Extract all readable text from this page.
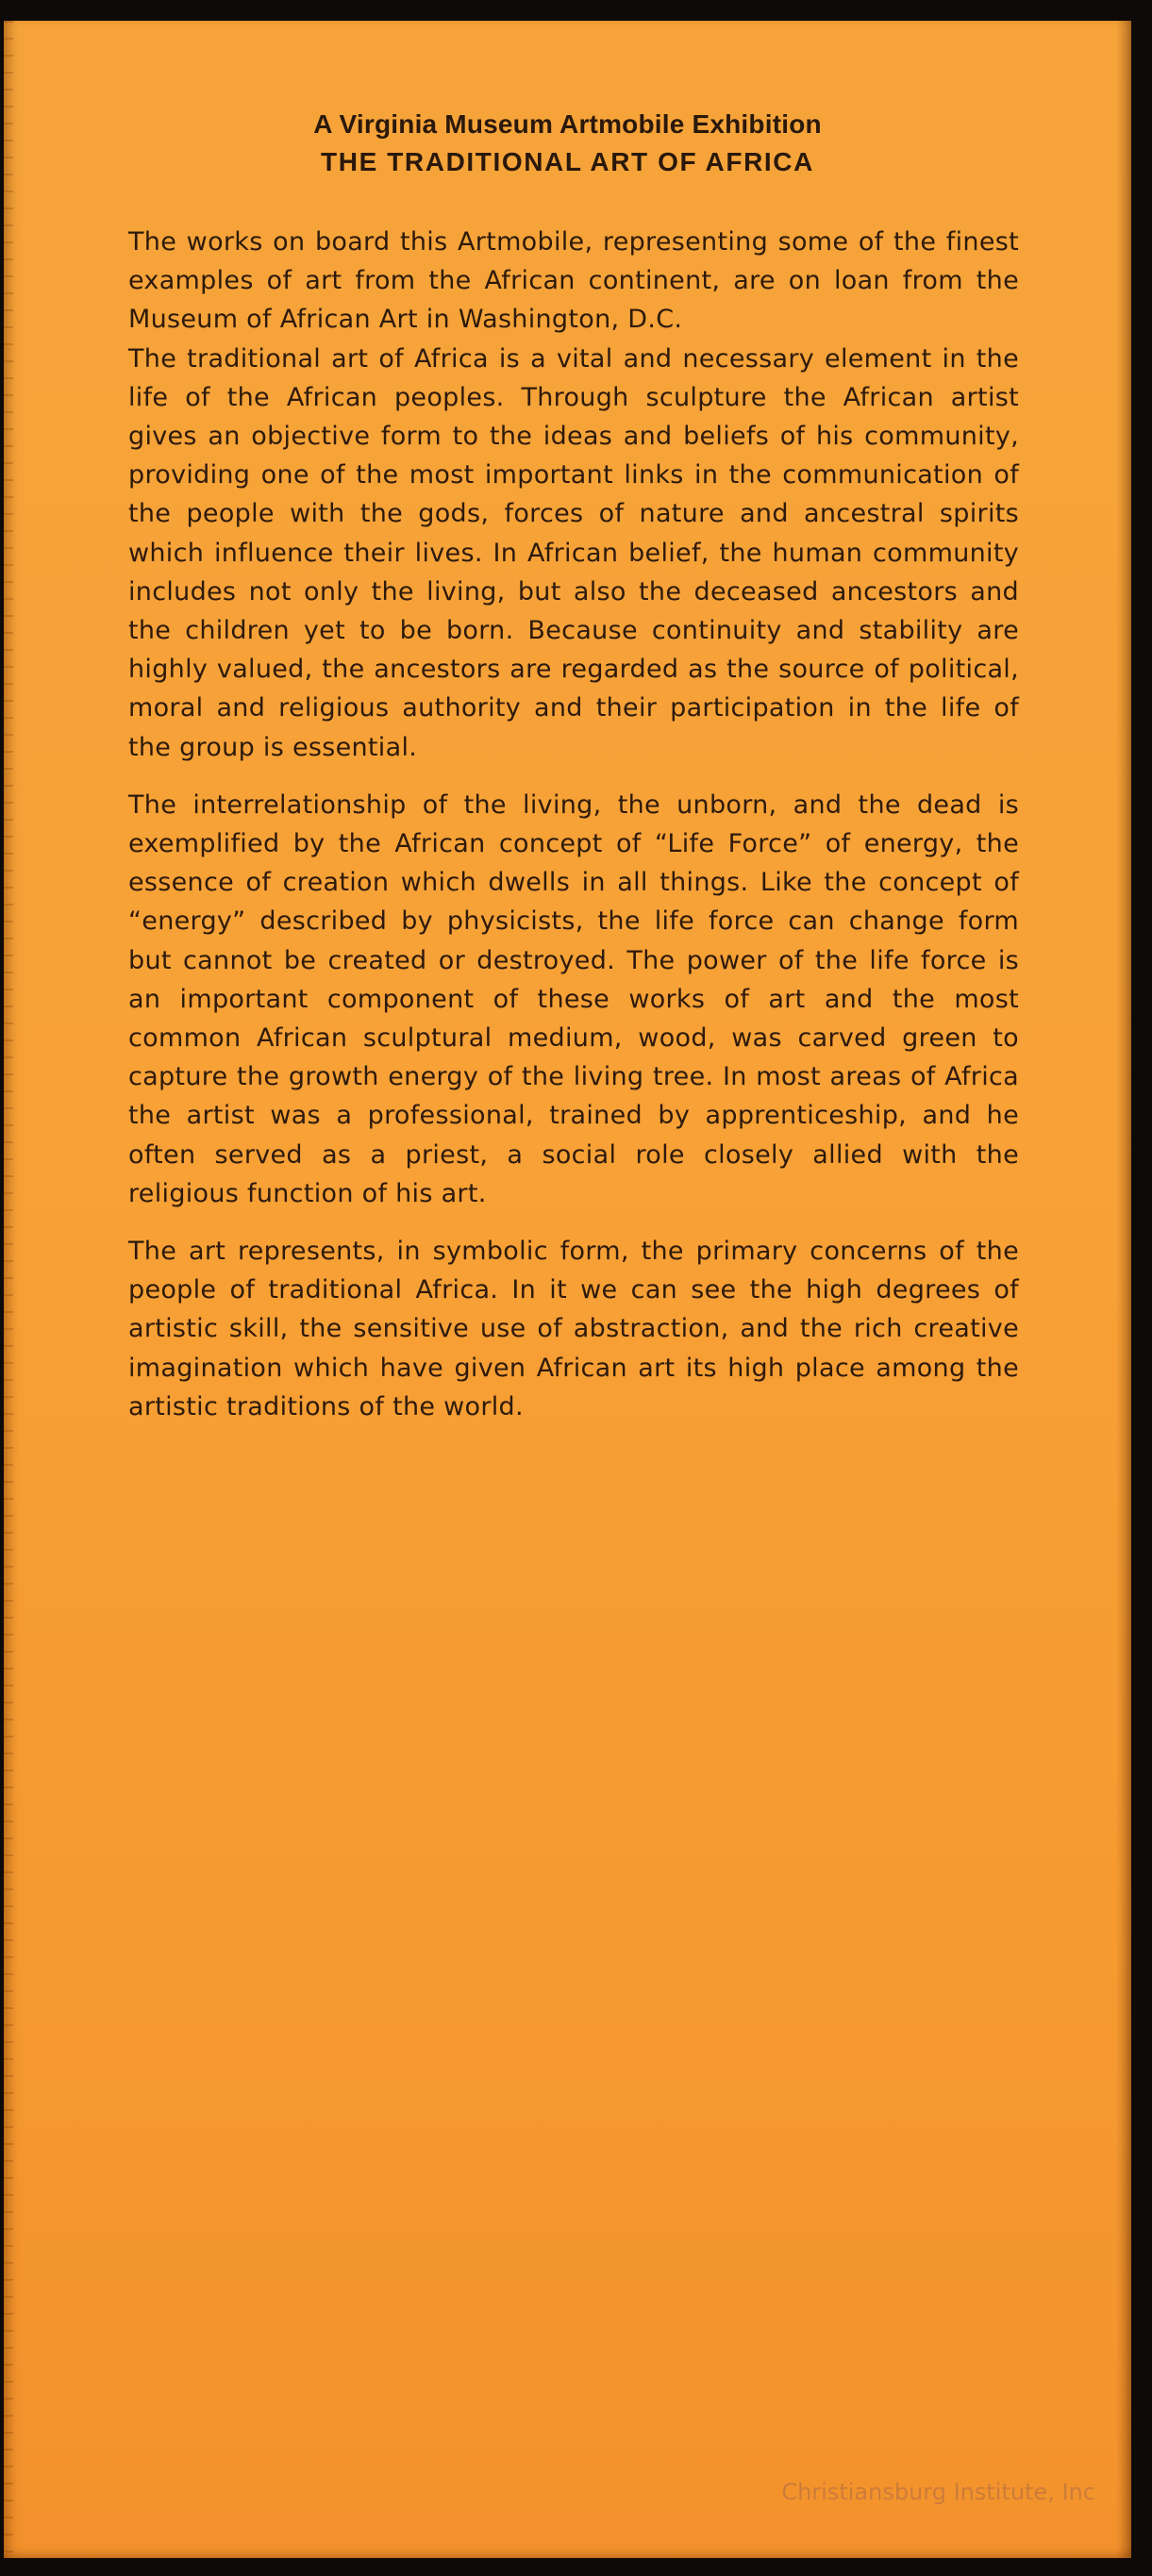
A Virginia Museum Artmobile Exhibition
THE TRADITIONAL ART OF AFRICA

The works on board this Artmobile, representing some of the finest examples of art from the African continent, are on loan from the Museum of African Art in Washington, D.C.

The traditional art of Africa is a vital and necessary element in the life of the African peoples. Through sculpture the African artist gives an objective form to the ideas and beliefs of his community, providing one of the most important links in the communication of the people with the gods, forces of nature and ancestral spirits which influence their lives. In African belief, the human community includes not only the living, but also the deceased ancestors and the children yet to be born. Because continuity and stability are highly valued, the ancestors are regarded as the source of political, moral and religious authority and their participation in the life of the group is essential.

The interrelationship of the living, the unborn, and the dead is exemplified by the African concept of “Life Force” of energy, the essence of creation which dwells in all things. Like the concept of “energy” described by physicists, the life force can change form but cannot be created or destroyed. The power of the life force is an important component of these works of art and the most common African sculptural medium, wood, was carved green to capture the growth energy of the living tree. In most areas of Africa the artist was a professional, trained by apprenticeship, and he often served as a priest, a social role closely allied with the religious function of his art.

The art represents, in symbolic form, the primary concerns of the people of traditional Africa. In it we can see the high degrees of artistic skill, the sensitive use of abstraction, and the rich creative imagination which have given African art its high place among the artistic traditions of the world.

Christiansburg Institute, Inc
